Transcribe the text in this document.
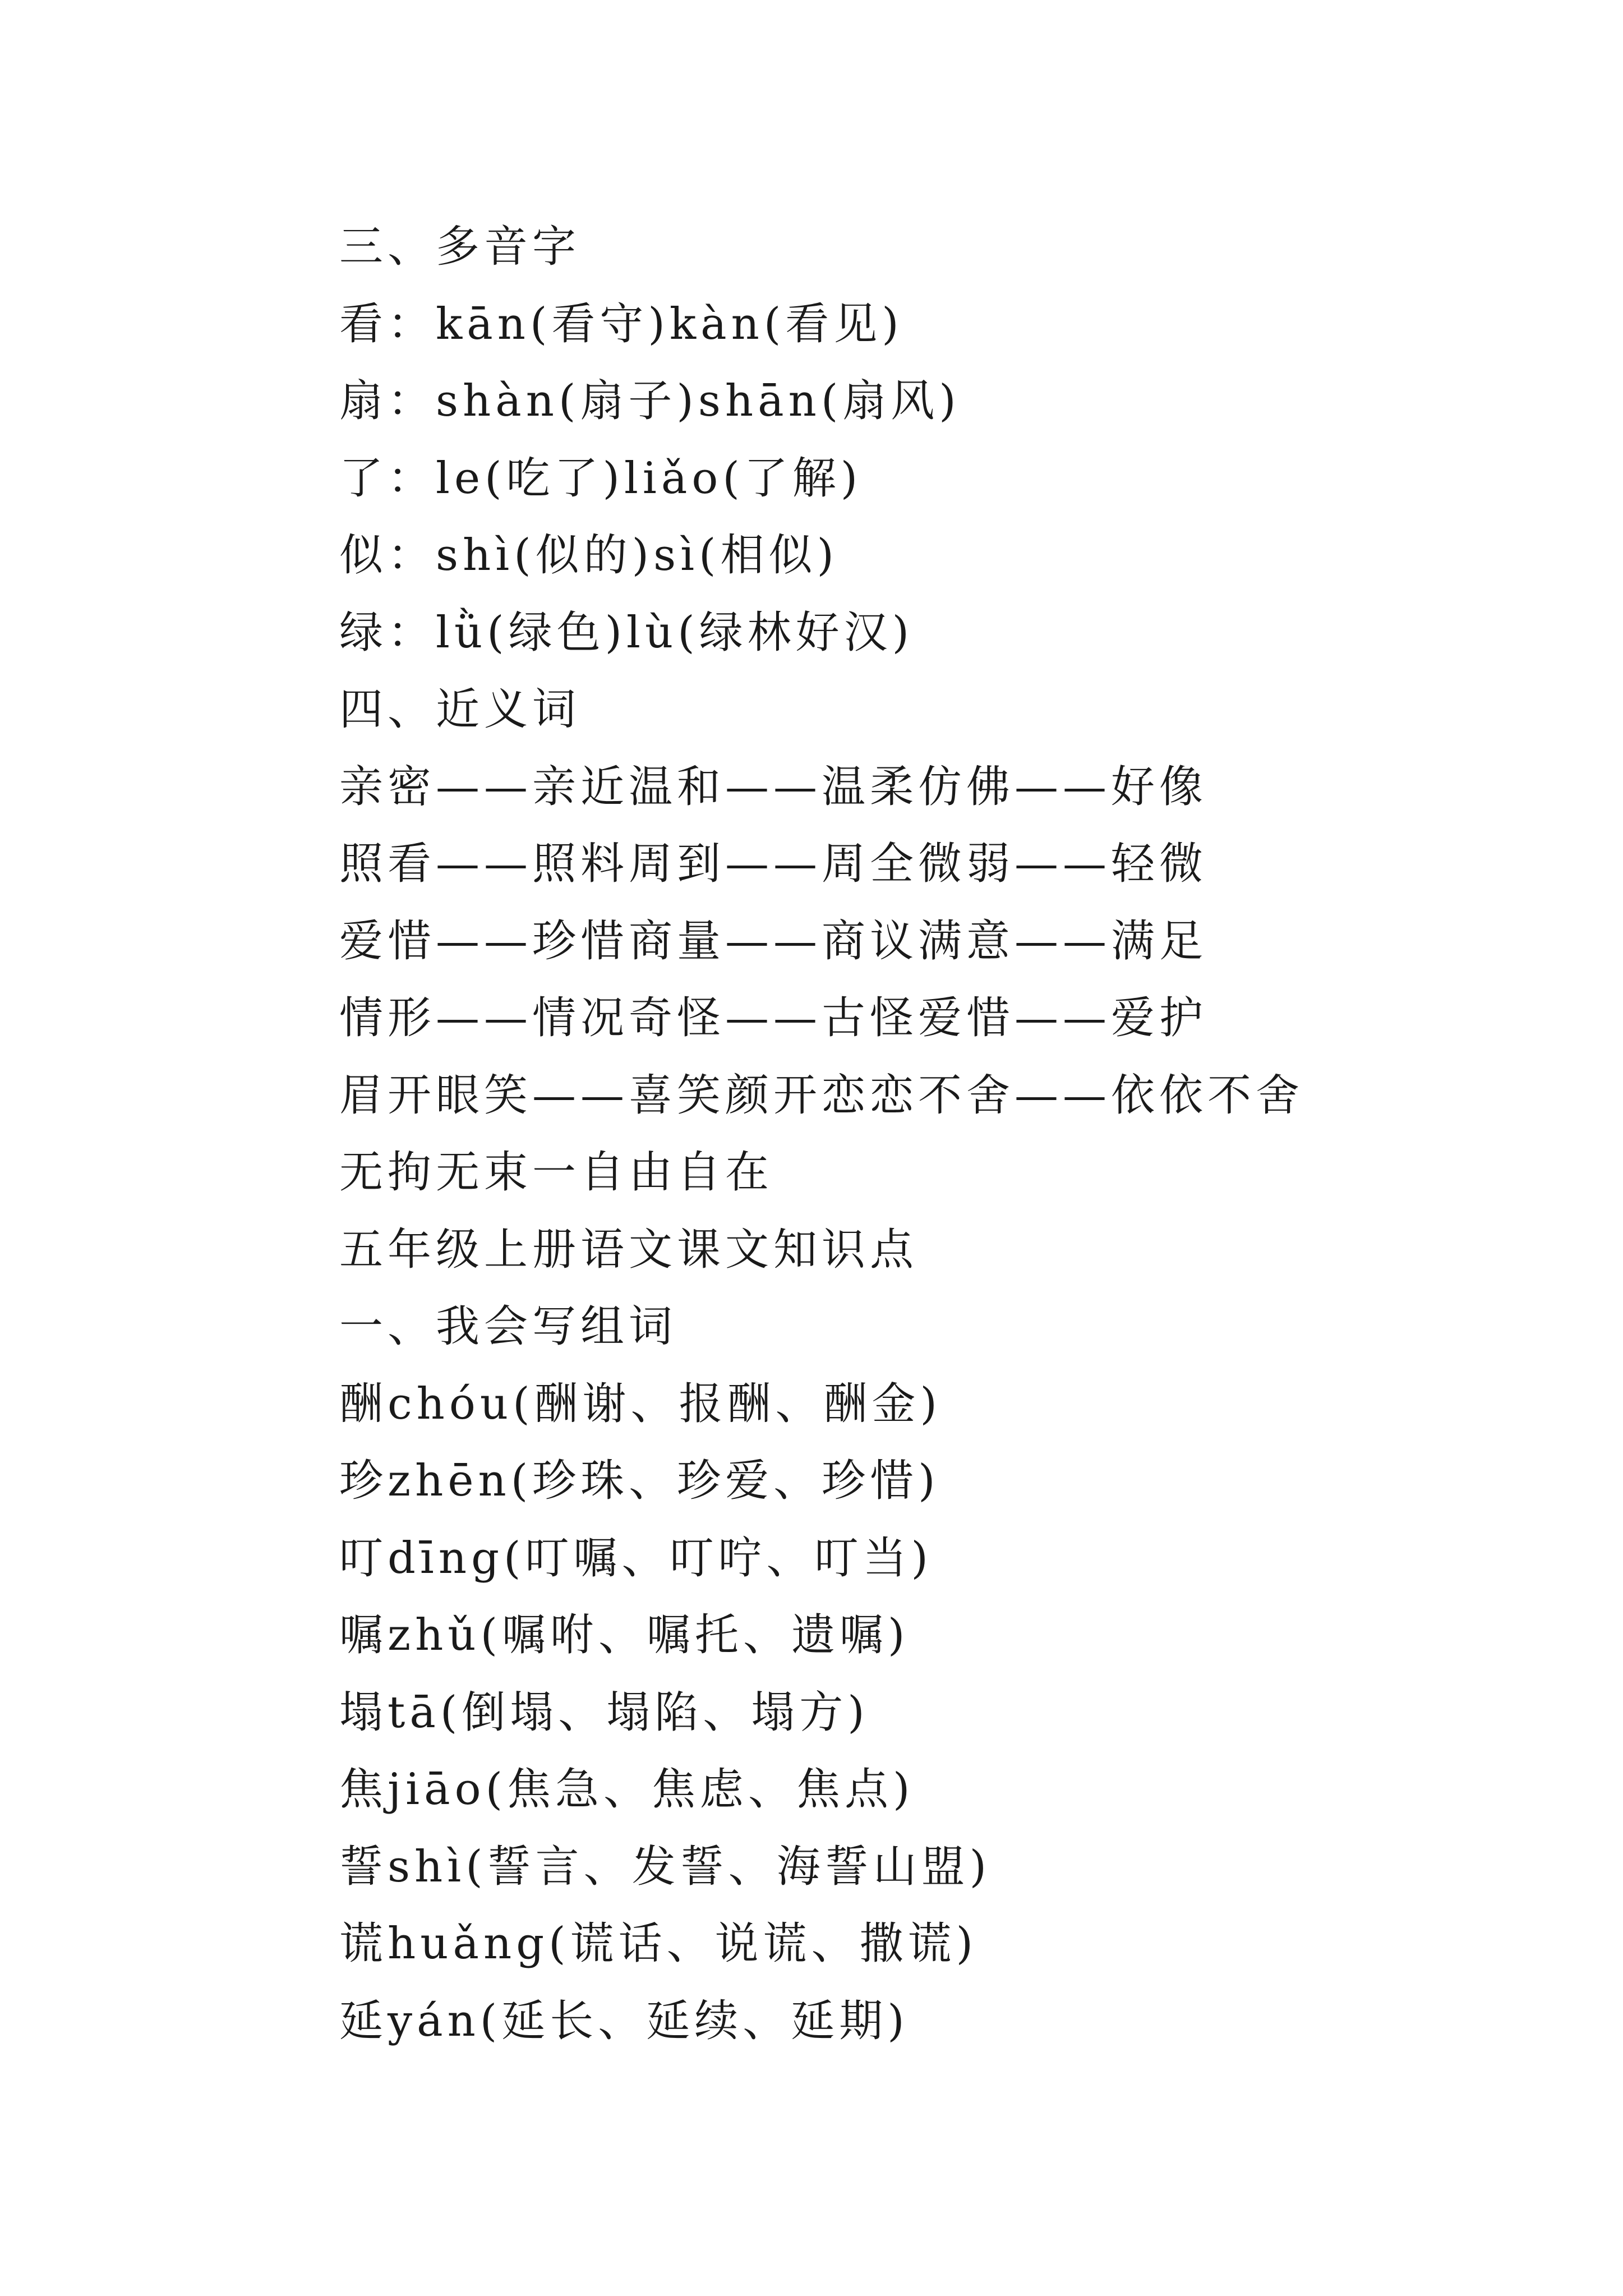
三、多音字
看：kān(看守)kàn(看见)
扇：shàn(扇子)shān(扇风)
了：le(吃了)liǎo(了解)
似：shì(似的)sì(相似)
绿：lǜ(绿色)lù(绿林好汉)
四、近义词
亲密——亲近温和——温柔仿佛——好像
照看——照料周到——周全微弱——轻微
爱惜——珍惜商量——商议满意——满足
情形——情况奇怪——古怪爱惜——爱护
眉开眼笑——喜笑颜开恋恋不舍——依依不舍
无拘无束一自由自在
五年级上册语文课文知识点
一、我会写组词
酬chóu(酬谢、报酬、酬金)
珍zhēn(珍珠、珍爱、珍惜)
叮dīng(叮嘱、叮咛、叮当)
嘱zhǔ(嘱咐、嘱托、遗嘱)
塌tā(倒塌、塌陷、塌方)
焦jiāo(焦急、焦虑、焦点)
誓shì(誓言、发誓、海誓山盟)
谎huǎng(谎话、说谎、撒谎)
延yán(延长、延续、延期)
